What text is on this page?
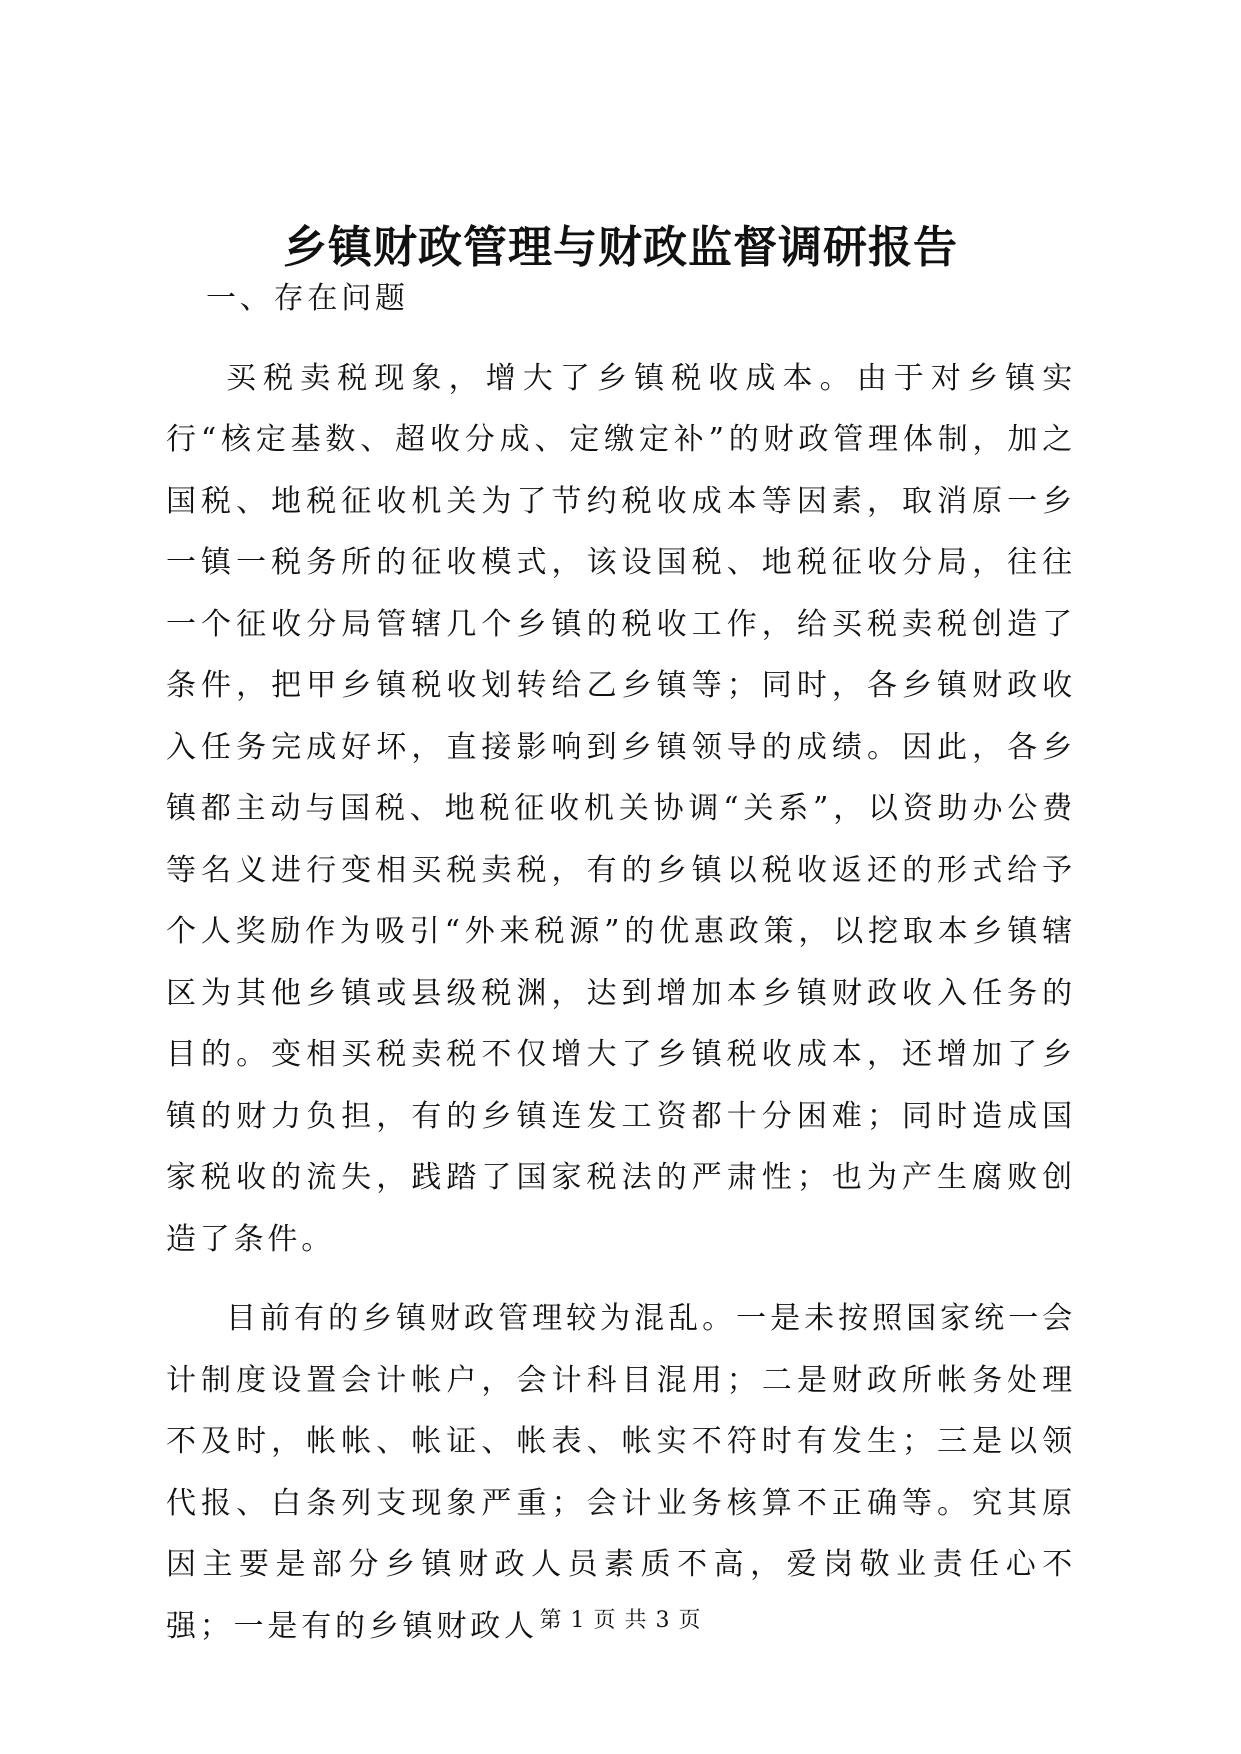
乡镇财政管理与财政监督调研报告
一、存在问题

买税卖税现象，增大了乡镇税收成本。由于对乡镇实行“核定基数、超收分成、定缴定补”的财政管理体制，加之国税、地税征收机关为了节约税收成本等因素，取消原一乡一镇一税务所的征收模式，该设国税、地税征收分局，往往一个征收分局管辖几个乡镇的税收工作，给买税卖税创造了条件，把甲乡镇税收划转给乙乡镇等；同时，各乡镇财政收入任务完成好坏，直接影响到乡镇领导的成绩。因此，各乡镇都主动与国税、地税征收机关协调“关系”，以资助办公费等名义进行变相买税卖税，有的乡镇以税收返还的形式给予个人奖励作为吸引“外来税源”的优惠政策，以挖取本乡镇辖区为其他乡镇或县级税渊，达到增加本乡镇财政收入任务的目的。变相买税卖税不仅增大了乡镇税收成本，还增加了乡镇的财力负担，有的乡镇连发工资都十分困难；同时造成国家税收的流失，践踏了国家税法的严肃性；也为产生腐败创造了条件。

目前有的乡镇财政管理较为混乱。一是未按照国家统一会计制度设置会计帐户，会计科目混用；二是财政所帐务处理不及时，帐帐、帐证、帐表、帐实不符时有发生；三是以领代报、白条列支现象严重；会计业务核算不正确等。究其原因主要是部分乡镇财政人员素质不高，爱岗敬业责任心不强；一是有的乡镇财政人 第 1 页 共 3 页
